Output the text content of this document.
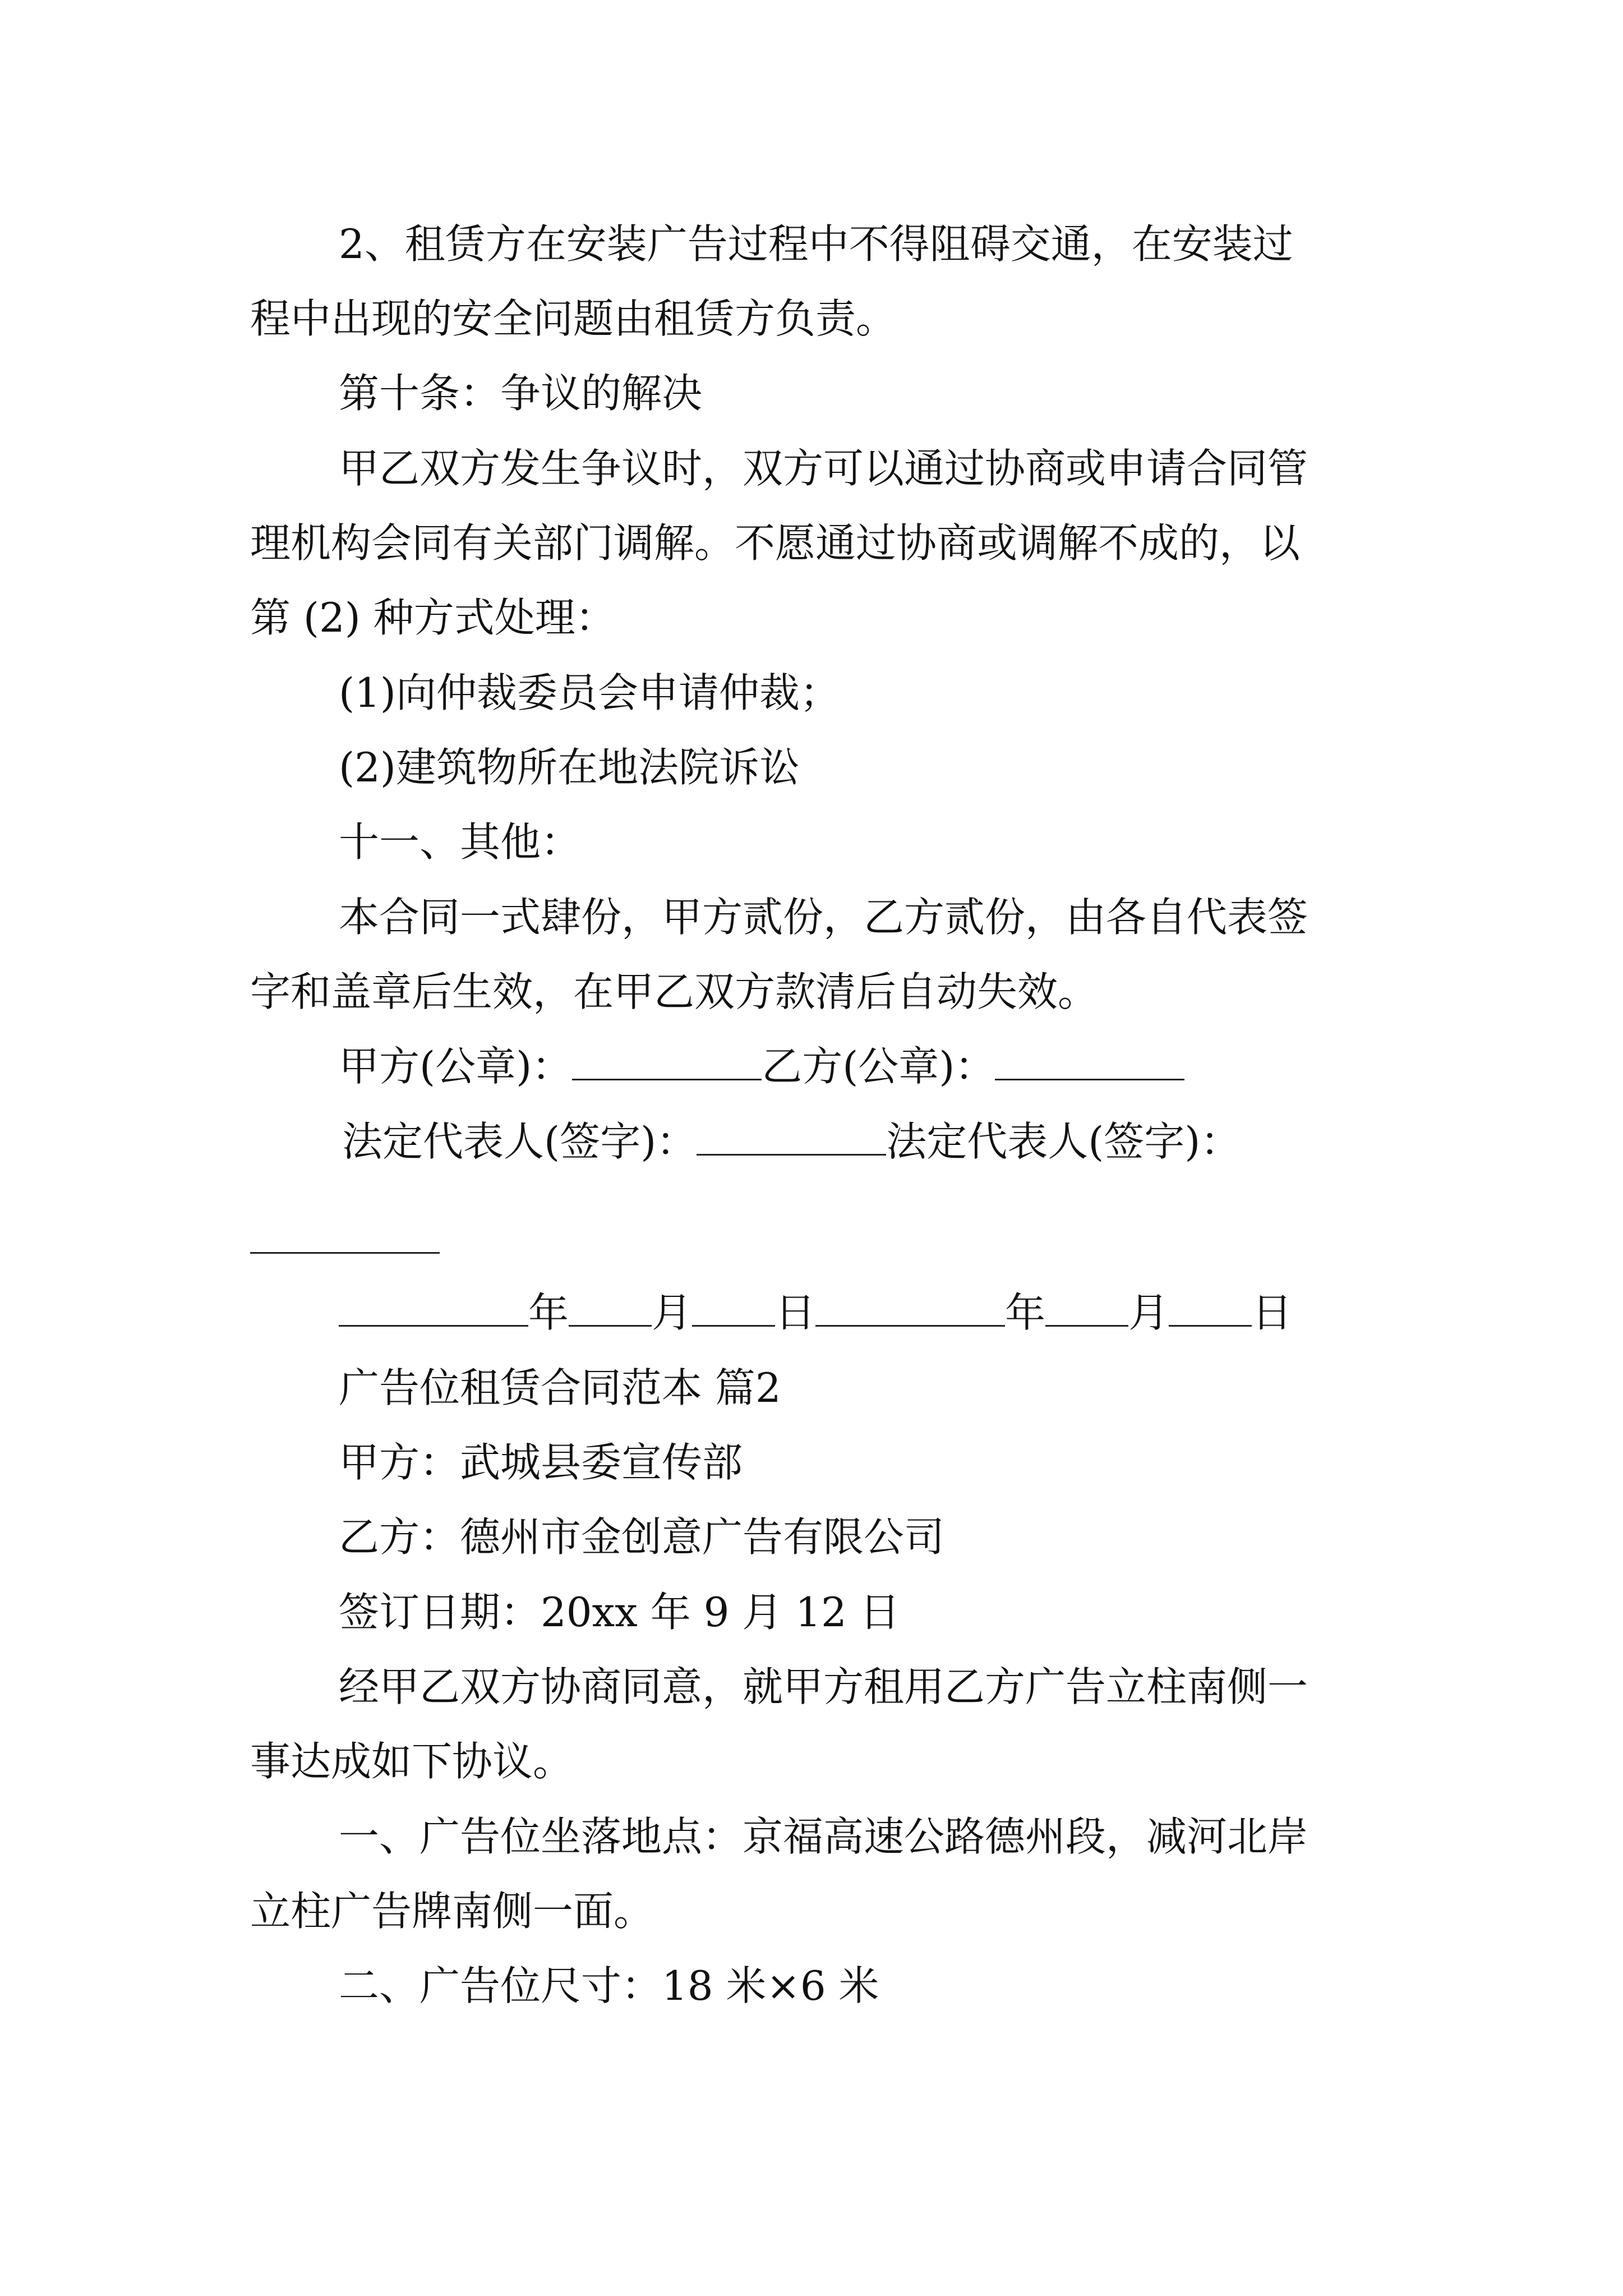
2、租赁方在安装广告过程中不得阻碍交通，在安装过
程中出现的安全问题由租赁方负责。
第十条：争议的解决
甲乙双方发生争议时，双方可以通过协商或申请合同管
理机构会同有关部门调解。不愿通过协商或调解不成的，以
第 (2) 种方式处理：
(1)向仲裁委员会申请仲裁；
(2)建筑物所在地法院诉讼
十一、其他：
本合同一式肆份，甲方贰份，乙方贰份，由各自代表签
字和盖章后生效，在甲乙双方款清后自动失效。
甲方(公章)：	乙方(公章)：
法定代表人(签字)：	法定代表人(签字)：
年 月 日	年 月 日
广告位租赁合同范本 篇2
甲方：武城县委宣传部
乙方：德州市金创意广告有限公司
签订日期：20xx 年 9 月 12 日
经甲乙双方协商同意，就甲方租用乙方广告立柱南侧一
事达成如下协议。
一、广告位坐落地点：京福高速公路德州段，减河北岸
立柱广告牌南侧一面。
二、广告位尺寸：18 米×6 米
